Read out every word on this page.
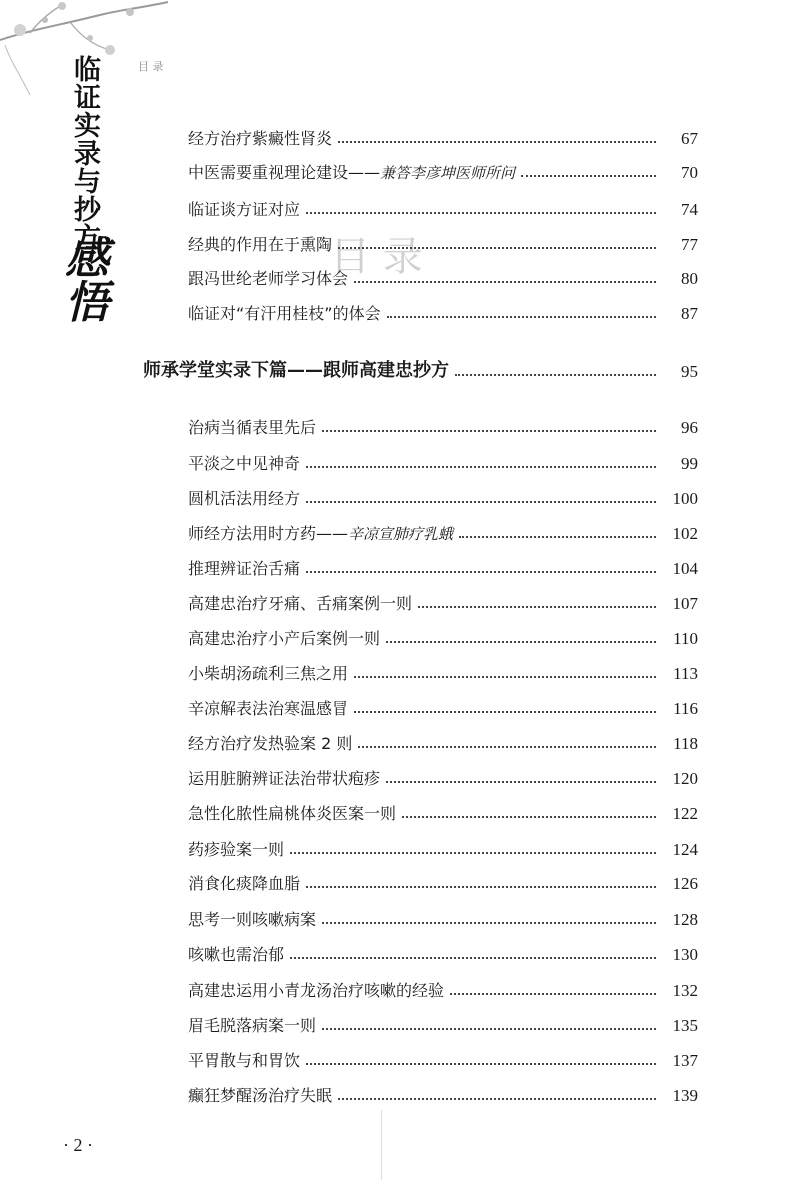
目 录
临证实录与抄方
感悟	目 录
经方治疗紫癜性肾炎	67
中医需要重视理论建设—— 兼答李彦坤医师所问	70
临证谈方证对应	74
经典的作用在于熏陶	77
跟冯世纶老师学习体会	80
临证对“有汗用桂枝”的体会	87
师承学堂实录下篇——跟师高建忠抄方	95
治病当循表里先后	96
平淡之中见神奇	99
圆机活法用经方	100
师经方法用时方药—— 辛凉宣肺疗乳蛾	102
推理辨证治舌痛	104
高建忠治疗牙痛、舌痛案例一则	107
高建忠治疗小产后案例一则	110
小柴胡汤疏利三焦之用	113
辛凉解表法治寒温感冒	116
经方治疗发热验案 2 则	118
运用脏腑辨证法治带状疱疹	120
急性化脓性扁桃体炎医案一则	122
药疹验案一则	124
消食化痰降血脂	126
思考一则咳嗽病案	128
咳嗽也需治郁	130
高建忠运用小青龙汤治疗咳嗽的经验	132
眉毛脱落病案一则	135
平胃散与和胃饮	137
癫狂梦醒汤治疗失眠	139
· 2 ·
